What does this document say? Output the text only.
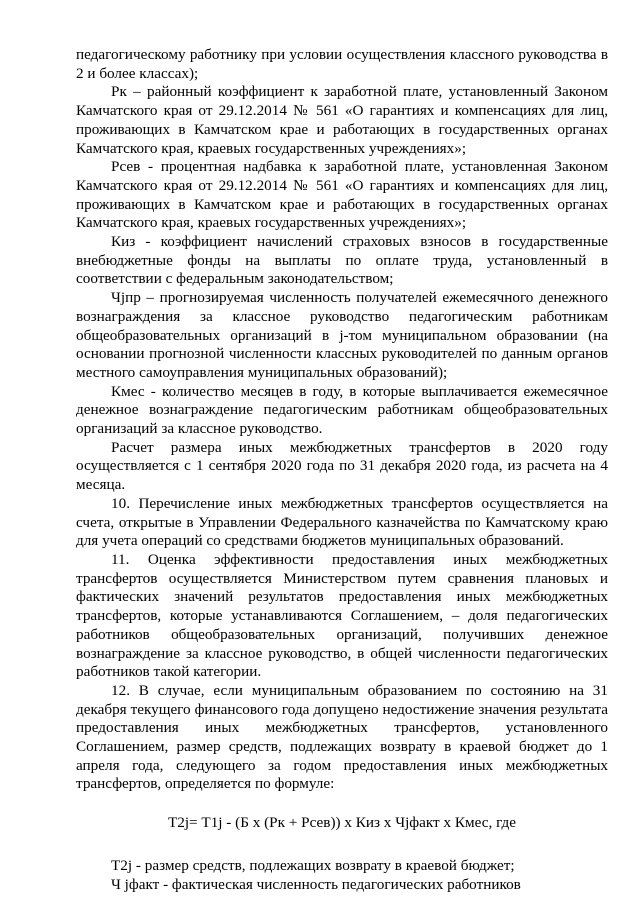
педагогическому работнику при условии осуществления классного руководства в 2 и более классах);

Рк – районный коэффициент к заработной плате, установленный Законом Камчатского края от 29.12.2014 № 561 «О гарантиях и компенсациях для лиц, проживающих в Камчатском крае и работающих в государственных органах Камчатского края, краевых государственных учреждениях»;

Рсев - процентная надбавка к заработной плате, установленная Законом Камчатского края от 29.12.2014 № 561 «О гарантиях и компенсациях для лиц, проживающих в Камчатском крае и работающих в государственных органах Камчатского края, краевых государственных учреждениях»;

Киз - коэффициент начислений страховых взносов в государственные внебюджетные фонды на выплаты по оплате труда, установленный в соответствии с федеральным законодательством;

Чjпр – прогнозируемая численность получателей ежемесячного денежного вознаграждения за классное руководство педагогическим работникам общеобразовательных организаций в j-том муниципальном образовании (на основании прогнозной численности классных руководителей по данным органов местного самоуправления муниципальных образований);

Кмес - количество месяцев в году, в которые выплачивается ежемесячное денежное вознаграждение педагогическим работникам общеобразовательных организаций за классное руководство.

Расчет размера иных межбюджетных трансфертов в 2020 году осуществляется с 1 сентября 2020 года по 31 декабря 2020 года, из расчета на 4 месяца.

10. Перечисление иных межбюджетных трансфертов осуществляется на счета, открытые в Управлении Федерального казначейства по Камчатскому краю для учета операций со средствами бюджетов муниципальных образований.

11. Оценка эффективности предоставления иных межбюджетных трансфертов осуществляется Министерством путем сравнения плановых и фактических значений результатов предоставления иных межбюджетных трансфертов, которые устанавливаются Соглашением, – доля педагогических работников общеобразовательных организаций, получивших денежное вознаграждение за классное руководство, в общей численности педагогических работников такой категории.

12. В случае, если муниципальным образованием по состоянию на 31 декабря текущего финансового года допущено недостижение значения результата предоставления иных межбюджетных трансфертов, установленного Соглашением, размер средств, подлежащих возврату в краевой бюджет до 1 апреля года, следующего за годом предоставления иных межбюджетных трансфертов, определяется по формуле:

Т2j= Т1j - (Б х (Рк + Рсев)) х Киз х Чjфакт х Кмес, где

Т2j - размер средств, подлежащих возврату в краевой бюджет;

Ч jфакт - фактическая численность педагогических работников
